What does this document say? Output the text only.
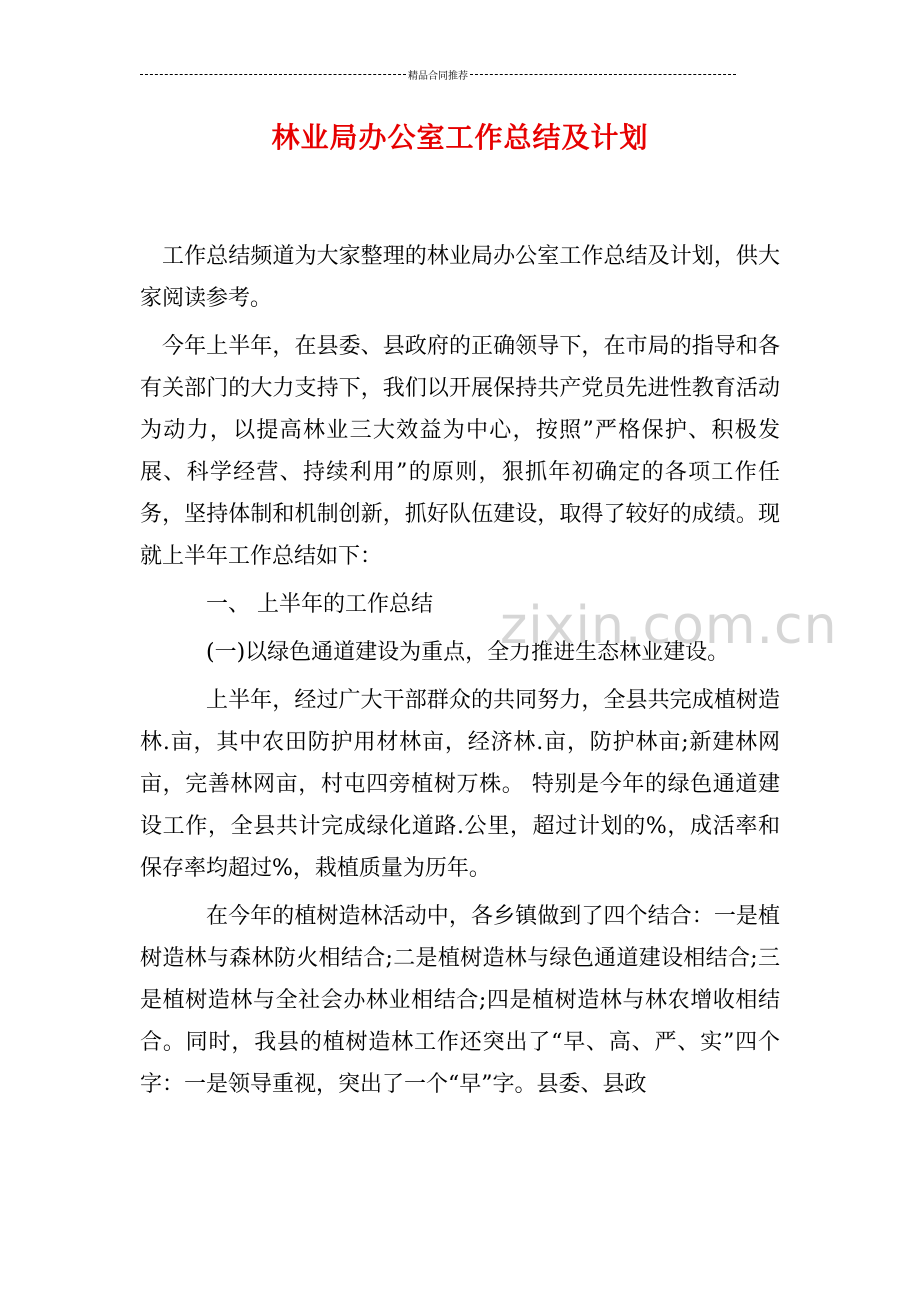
精品合同推荐
林业局办公室工作总结及计划

工作总结频道为大家整理的林业局办公室工作总结及计划，供大家阅读参考。

今年上半年，在县委、县政府的正确领导下，在市局的指导和各有关部门的大力支持下，我们以开展保持共产党员先进性教育活动为动力，以提高林业三大效益为中心，按照”严格保护、积极发展、科学经营、持续利用”的原则，狠抓年初确定的各项工作任务，坚持体制和机制创新，抓好队伍建设，取得了较好的成绩。现就上半年工作总结如下：

一、 上半年的工作总结

(一)以绿色通道建设为重点，全力推进生态林业建设。

上半年，经过广大干部群众的共同努力，全县共完成植树造林.亩，其中农田防护用材林亩，经济林.亩，防护林亩;新建林网亩，完善林网亩，村屯四旁植树万株。 特别是今年的绿色通道建设工作，全县共计完成绿化道路.公里，超过计划的%，成活率和保存率均超过%，栽植质量为历年。

在今年的植树造林活动中，各乡镇做到了四个结合：一是植树造林与森林防火相结合;二是植树造林与绿色通道建设相结合;三是植树造林与全社会办林业相结合;四是植树造林与林农增收相结合。同时，我县的植树造林工作还突出了“早、高、严、实”四个字：一是领导重视，突出了一个“早”字。县委、县政

zixin.com.cn
